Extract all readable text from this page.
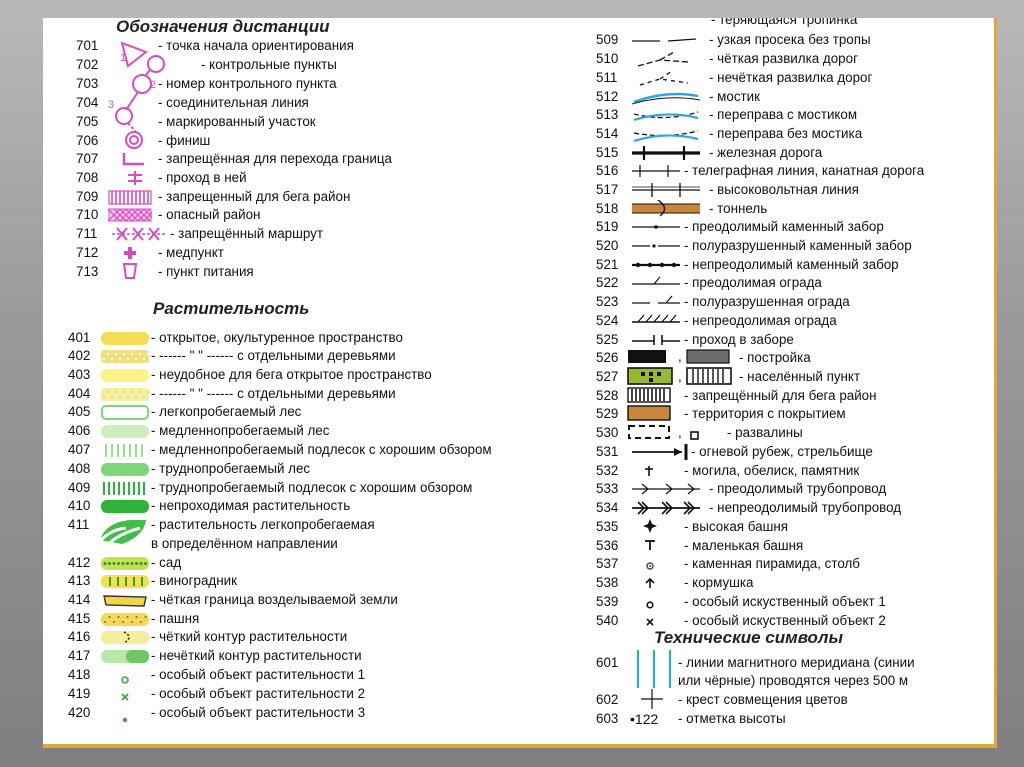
Обозначения дистанции
Растительность
Технические символы
701	- точка начала ориентирования
702	- контрольные пункты
703	- номер контрольного пункта
704	- соединительная линия
705	- маркированный участок
706	- финиш
707	- запрещённая для перехода граница
708	- проход в ней
709	- запрещенный для бега район
710	- опасный район
711	- запрещённый маршрут
712	- медпункт
713	- пункт питания
1
2
3
401	- открытое, окультуренное пространство
402	- ------ " " ------ с отдельными деревьями
403	- неудобное для бега открытое пространство
404	- ------ " " ------ с отдельными деревьями
405	- легкопробегаемый лес
406	- медленнопробегаемый лес
407	- медленнопробегаемый подлесок с хорошим обзором
408	- труднопробегаемый лес
409	- труднопробегаемый подлесок с хорошим обзором
410	- непроходимая растительность
411	- растительность легкопробегаемая
412	- сад
413	- виноградник
414	- чёткая граница возделываемой земли
415	- пашня
416	- чёткий контур растительности
417	- нечёткий контур растительности
418	- особый объект растительности 1
419	- особый объект растительности 2
420	- особый объект растительности 3
в определённом направлении
- теряющаяся тропинка
509	- узкая просека без тропы
510	- чёткая развилка дорог
511	- нечёткая развилка дорог
512	- мостик
513	- переправа с мостиком
514	- переправа без мостика
515	- железная дорога
516	- телеграфная линия, канатная дорога
517	- высоковольтная линия
518	- тоннель
519	- преодолимый каменный забор
520	- полуразрушенный каменный забор
521	- непреодолимый каменный забор
522	- преодолимая ограда
523	- полуразрушенная ограда
524	- непреодолимая ограда
525	- проход в заборе
526	- постройка
527	- населённый пункт
528	- запрещённый для бега район
529	- территория с покрытием
530	- развалины
531	- огневой рубеж, стрельбище
532	- могила, обелиск, памятник
533	- преодолимый трубопровод
534	- непреодолимый трубопровод
535	- высокая башня
536	- маленькая башня
537	- каменная пирамида, столб
538	- кормушка
539	- особый искуственный объект 1
540	- особый искуственный объект 2
,
,
,
601	- линии магнитного меридиана (синии
или чёрные) проводятся через 500 м
602	- крест совмещения цветов
603	- отметка высоты
•122
